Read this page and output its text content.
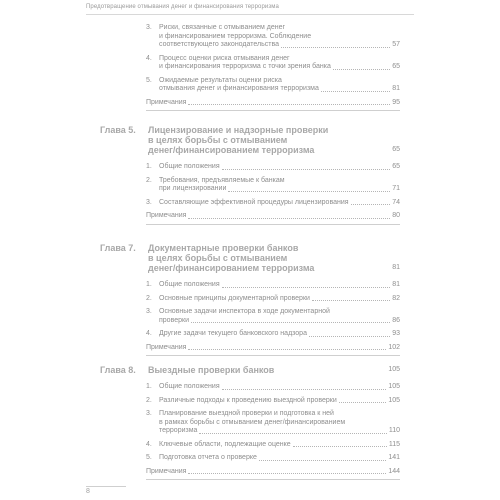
Предотвращение отмывания денег и финансирования терроризма
3. Риски, связанные с отмыванием денег
и финансированием терроризма. Соблюдение
соответствующего законодательства	57
4. Процесс оценки риска отмывания денег
и финансирования терроризма с точки зрения банка	65
5. Ожидаемые результаты оценки риска
отмывания денег и финансирования терроризма	81
Примечания	95
Глава 5. Лицензирование и надзорные проверки
в целях борьбы с отмыванием
денег/финансированием терроризма	65
1. Общие положения	65
2. Требования, предъявляемые к банкам
при лицензировании	71
3. Составляющие эффективной процедуры лицензирования	74
Примечания	80
Глава 7. Документарные проверки банков
в целях борьбы с отмыванием
денег/финансированием терроризма	81
1. Общие положения	81
2. Основные принципы документарной проверки	82
3. Основные задачи инспектора в ходе документарной
проверки	86
4. Другие задачи текущего банковского надзора	93
Примечания	102
Глава 8. Выездные проверки банков	105
1. Общие положения	105
2. Различные подходы к проведению выездной проверки	105
3. Планирование выездной проверки и подготовка к ней
в рамках борьбы с отмыванием денег/финансированием
терроризма	110
4. Ключевые области, подлежащие оценке	115
5. Подготовка отчета о проверке	141
Примечания	144
8
